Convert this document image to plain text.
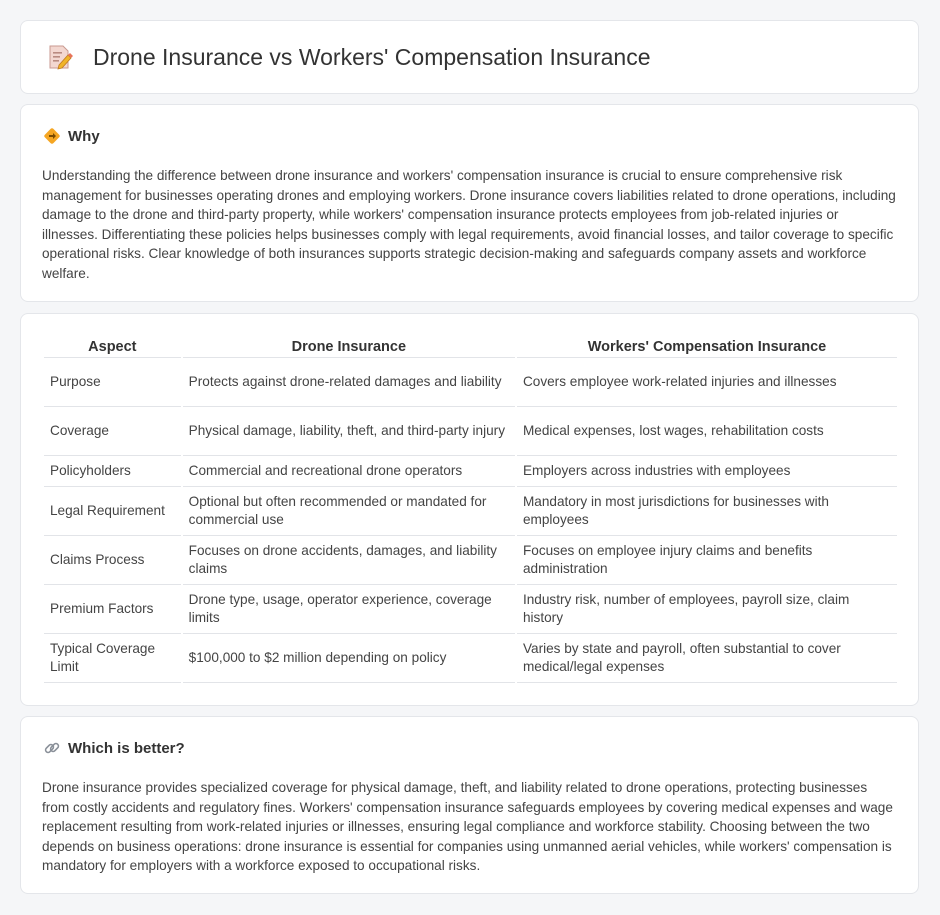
Drone Insurance vs Workers' Compensation Insurance
Why

Understanding the difference between drone insurance and workers' compensation insurance is crucial to ensure comprehensive risk management for businesses operating drones and employing workers. Drone insurance covers liabilities related to drone operations, including damage to the drone and third-party property, while workers' compensation insurance protects employees from job-related injuries or illnesses. Differentiating these policies helps businesses comply with legal requirements, avoid financial losses, and tailor coverage to specific operational risks. Clear knowledge of both insurances supports strategic decision-making and safeguards company assets and workforce welfare.

Aspect	Drone Insurance	Workers' Compensation Insurance
Purpose	Protects against drone-related damages and liability	Covers employee work-related injuries and illnesses
Coverage	Physical damage, liability, theft, and third-party injury	Medical expenses, lost wages, rehabilitation costs
Policyholders	Commercial and recreational drone operators	Employers across industries with employees
Legal Requirement	Optional but often recommended or mandated for commercial use	Mandatory in most jurisdictions for businesses with employees
Claims Process	Focuses on drone accidents, damages, and liability claims	Focuses on employee injury claims and benefits administration
Premium Factors	Drone type, usage, operator experience, coverage limits	Industry risk, number of employees, payroll size, claim history
Typical Coverage Limit	$100,000 to $2 million depending on policy	Varies by state and payroll, often substantial to cover medical/legal expenses
Which is better?

Drone insurance provides specialized coverage for physical damage, theft, and liability related to drone operations, protecting businesses from costly accidents and regulatory fines. Workers' compensation insurance safeguards employees by covering medical expenses and wage replacement resulting from work-related injuries or illnesses, ensuring legal compliance and workforce stability. Choosing between the two depends on business operations: drone insurance is essential for companies using unmanned aerial vehicles, while workers' compensation is mandatory for employers with a workforce exposed to occupational risks.
